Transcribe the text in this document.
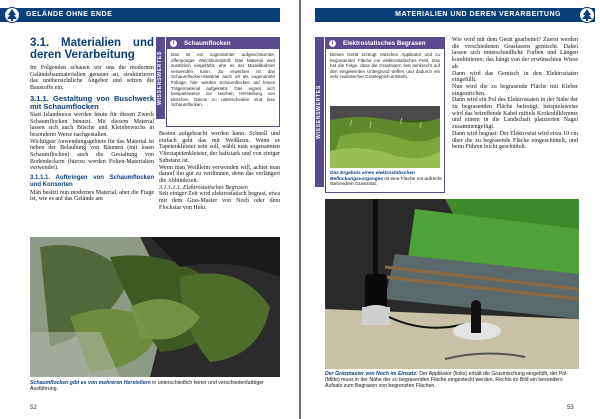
GELÄNDE OHNE ENDE
3.1. Materialien und deren Verarbeitung

Im Folgenden schauen wir uns die modernen Geländebaumaterialien genauer an, strukturieren das unübersichtliche Angebot und setzen die Baustoffe ein.

3.1.1. Gestaltung von Buschwerk mit Schaumflocken

Statt Islandmoos werden heute für diesen Zweck Schaumflocken benutzt. Mit diesem Material lassen sich auch Büsche und Kleinbewuchs in besonderer Weise nachgestalten.

Wichtigste Anwendungsgebiete für das Material ist neben der Belaubung von Bäumen (mit losen Schaumflocken) auch die Gestaltung von Bodendeckern (hierzu werden Folien-Materialien verwendet).

3.1.1.1. Aufbringen von Schaumflocken und Konsorten

Man besitzt nun modernes Material, aber die Frage ist, wie es auf das Gelände am

WISSENSWERTES
i	Schaumflocken
Das ist ein sogenannter aufgeschäumter, offenporiger Weichkunststoff. Das Material wird zusätzlich eingefärbt, ehe es der Modellbahner verwenden kann. Zu erwerben ist das Schaumflocken-Material auch oft als sogenannte Foliage, hier werden Schaumflocken auf feines Trägermaterial aufgeklebt. Das eignet sich beispielsweise zur raschen Herstellung von Büschen. Davon zu unterscheiden sind lose Schaumflocken.

Besten aufgebracht werden kann. Schnell und einfach geht das mit Weißleim. Wenn es Tapetenkleister sein soll, wählt man sogenannten Vliestapetenkleister, der haftstark und von einiger Substanz ist.

Wenn man Weißleim verwenden will, achtet man darauf ihn gut zu verdünnen, denn das verlängert die Abbindezeit.

3.1.1.1.1. Elektrostatisches Begrasen

Seit einiger Zeit wird elektrostatisch begrast, etwa mit dem Gras-Master von Noch oder dem Flockstar von Heki.

Schaumflocken gibt es von mehreren Herstellern in unterschiedlich feiner und verschiedenfarbiger Ausführung.
52
MATERIALIEN UND DEREN VERARBEITUNG
WISSENSWERTES
i	Elektrostatisches Begrasen
Dieses Gerät erzeugt zwischen Applikator und zu begrasender Fläche ein elektrostatisches Feld. Das hat die Folge, dass die Grasfasern fast senkrecht auf den eingeleimten Untergrund treffen und dadurch ein sehr realistischer Grasteppich entsteht.
Das Ergebnis eines elektrostatischen Beflockungsvorganges ist eine Fläche mit aufrecht stehendem Grasmitat.

Wie wird mit dem Gerät gearbeitet? Zuerst werden die verschiedenen Grasfasern gemischt. Dabei lassen sich unterschiedliche Farben und Längen kombinieren; das hängt von der erwünschten Wiese ab.

Dann wird das Gemisch in den Elektrostaten eingefüllt.

Nun wird die zu begrasende Fläche mit Kleber eingestrichen.

Dann wird ein Pol des Elektrostaten in der Nähe der zu begrasenden Fläche befestigt, beispielsweise wird das betreffende Kabel mittels Krokodilklemme und einem in die Landschaft platzierten Nagel zusammengefügt.

Dann wird begrast: Der Elektrostat wird etwa 10 cm über die zu begrasende Fläche eingeschüttelt, und beim Führen leicht geschüttelt.

Der Grasmaster von Noch im Einsatz: Der Applikator (links) erhält die Grasmischung eingefüllt, der Pol (Mitte) muss in der Nähe der zu begrasenden Fläche eingesteckt werden. Rechts im Bild ein besonders Aufsatz zum Begrasen von begrenzten Flächen.
53
